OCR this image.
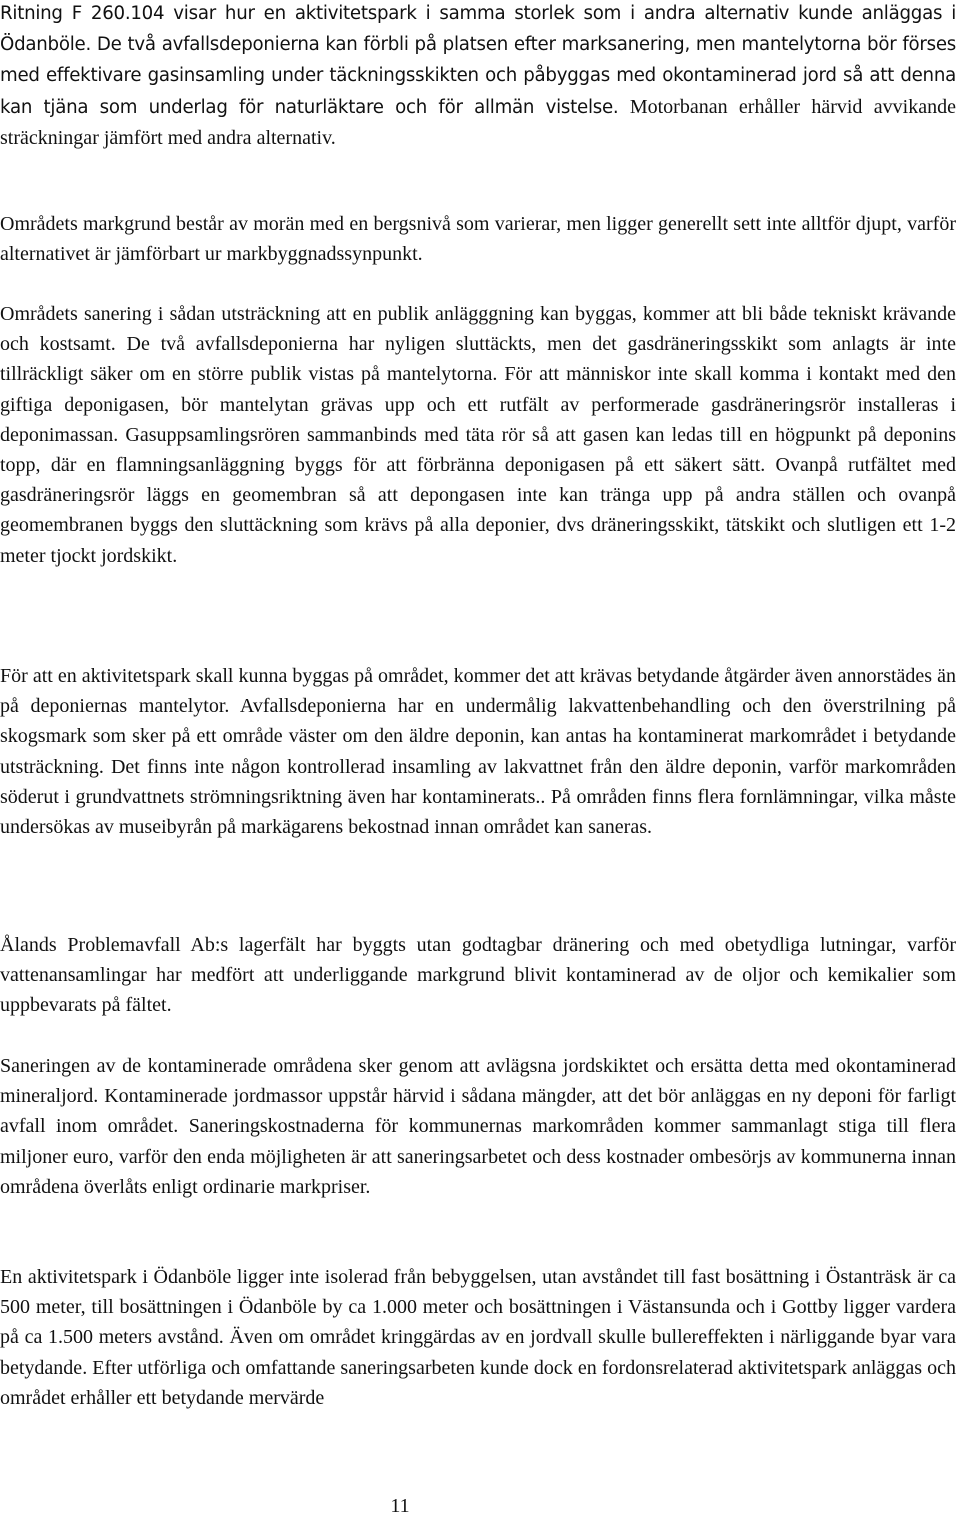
Ritning F 260.104 visar hur en aktivitetspark i samma storlek som i andra alternativ kunde anläggas i Ödanböle. De två avfallsdeponierna kan förbli på platsen efter marksanering, men mantelytorna bör förses med effektivare gasinsamling under täckningsskikten och påbyggas med okontaminerad jord så att denna kan tjäna som underlag för naturläktare och för allmän vistelse. Motorbanan erhåller härvid avvikande sträckningar jämfört med andra alternativ.

Områdets markgrund består av morän med en bergsnivå som varierar, men ligger generellt sett inte alltför djupt, varför alternativet är jämförbart ur markbyggnadssynpunkt.

Områdets sanering i sådan utsträckning att en publik anlägggning kan byggas, kommer att bli både tekniskt krävande och kostsamt. De två avfallsdeponierna har nyligen sluttäckts, men det gasdräneringsskikt som anlagts är inte tillräckligt säker om en större publik vistas på mantelytorna. För att människor inte skall komma i kontakt med den giftiga deponigasen, bör mantelytan grävas upp och ett rutfält av performerade gasdräneringsrör installeras i deponimassan. Gasuppsamlingsrören sammanbinds med täta rör så att gasen kan ledas till en högpunkt på deponins topp, där en flamningsanläggning byggs för att förbränna deponigasen på ett säkert sätt. Ovanpå rutfältet med gasdräneringsrör läggs en geomembran så att depongasen inte kan tränga upp på andra ställen och ovanpå geomembranen byggs den sluttäckning som krävs på alla deponier, dvs dräneringsskikt, tätskikt och slutligen ett 1-2 meter tjockt jordskikt.

För att en aktivitetspark skall kunna byggas på området, kommer det att krävas betydande åtgärder även annorstädes än på deponiernas mantelytor. Avfallsdeponierna har en undermålig lakvattenbehandling och den överstrilning på skogsmark som sker på ett område väster om den äldre deponin, kan antas ha kontaminerat markområdet i betydande utsträckning. Det finns inte någon kontrollerad insamling av lakvattnet från den äldre deponin, varför markområden söderut i grundvattnets strömningsriktning även har kontaminerats.. På områden finns flera fornlämningar, vilka måste undersökas av museibyrån på markägarens bekostnad innan området kan saneras.

Ålands Problemavfall Ab:s lagerfält har byggts utan godtagbar dränering och med obetydliga lutningar, varför vattenansamlingar har medfört att underliggande markgrund blivit kontaminerad av de oljor och kemikalier som uppbevarats på fältet.

Saneringen av de kontaminerade områdena sker genom att avlägsna jordskiktet och ersätta detta med okontaminerad mineraljord. Kontaminerade jordmassor uppstår härvid i sådana mängder, att det bör anläggas en ny deponi för farligt avfall inom området. Saneringskostnaderna för kommunernas markområden kommer sammanlagt stiga till flera miljoner euro, varför den enda möjligheten är att saneringsarbetet och dess kostnader ombesörjs av kommunerna innan områdena överlåts enligt ordinarie markpriser.

En aktivitetspark i Ödanböle ligger inte isolerad från bebyggelsen, utan avståndet till fast bosättning i Östanträsk är ca 500 meter, till bosättningen i Ödanböle by ca 1.000 meter och bosättningen i Västansunda och i Gottby ligger vardera på ca 1.500 meters avstånd. Även om området kringgärdas av en jordvall skulle bullereffekten i närliggande byar vara betydande. Efter utförliga och omfattande saneringsarbeten kunde dock en fordonsrelaterad aktivitetspark anläggas och området erhåller ett betydande mervärde

11
